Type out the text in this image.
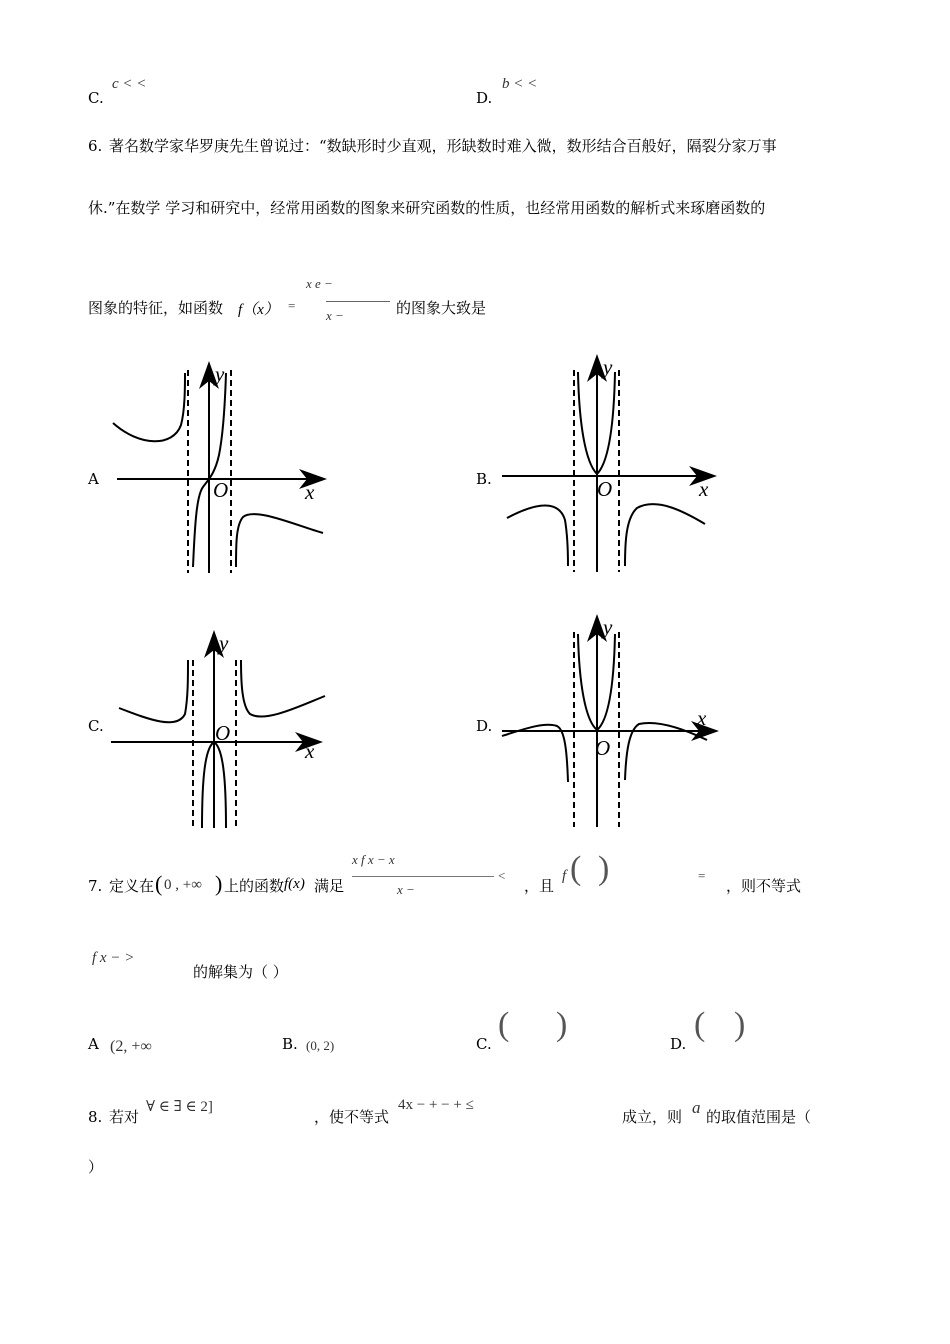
C.
c < <
D.
b < <
6. 著名数学家华罗庚先生曾说过：“数缺形时少直观，形缺数时难入微，数形结合百般好，隔裂分家万事
休.”在数学 学习和研究中，经常用函数的图象来研究函数的性质，也经常用函数的解析式来琢磨函数的
图象的特征，如函数 f（x） =
x e −
x −	的图象大致是
A	B.
C.	D.
O	x
y
O	x
y
O
x
y
O
x
y
7. 定义在 ( 0 , +∞ ) 上的函数 f(x) 满足
x f x − x
x −
<
，且
f ( )	=
，则不等式
f x − >
的解集为（ ）
A (2, +∞	B. (0, 2)	C.
( )
D.
( )
8. 若对
∀ ∈ ∃ ∈ 2]
，使不等式
4x − + − + ≤
成立，则 a 的取值范围是（
）
